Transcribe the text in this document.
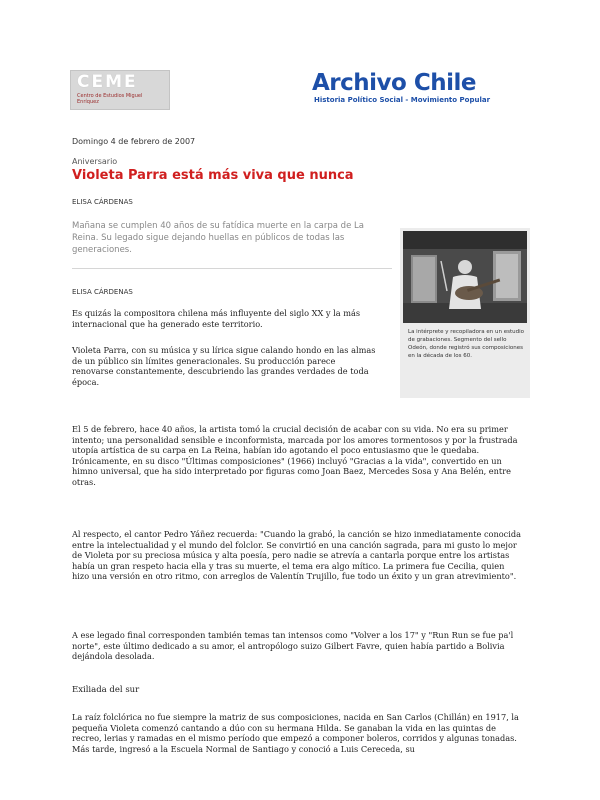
CEME
Centro de Estudios Miguel Enríquez
Archivo Chile
Historia Político Social - Movimiento Popular
Domingo 4 de febrero de 2007
Aniversario
Violeta Parra está más viva que nunca
ELISA CÁRDENAS

Mañana se cumplen 40 años de su fatídica muerte en la carpa de La Reina. Su legado sigue dejando huellas en públicos de todas las generaciones.

ELISA CÁRDENAS
La intérprete y recopiladora en un estudio de grabaciones. Segmento del sello Odeón, donde registró sus composiciones en la década de los 60.

Es quizás la compositora chilena más influyente del siglo XX y la más internacional que ha generado este territorio.

Violeta Parra, con su música y su lírica sigue calando hondo en las almas de un público sin límites generacionales. Su producción parece renovarse constantemente, descubriendo las grandes verdades de toda época.

El 5 de febrero, hace 40 años, la artista tomó la crucial decisión de acabar con su vida. No era su primer intento; una personalidad sensible e inconformista, marcada por los amores tormentosos y por la frustrada utopía artística de su carpa en La Reina, habían ido agotando el poco entusiasmo que le quedaba. Irónicamente, en su disco "Últimas composiciones" (1966) incluyó "Gracias a la vida", convertido en un himno universal, que ha sido interpretado por figuras como Joan Baez, Mercedes Sosa y Ana Belén, entre otras.

Al respecto, el cantor Pedro Yáñez recuerda: "Cuando la grabó, la canción se hizo inmediatamente conocida entre la intelectualidad y el mundo del folclor. Se convirtió en una canción sagrada, para mi gusto lo mejor de Violeta por su preciosa música y alta poesía, pero nadie se atrevía a cantarla porque entre los artistas había un gran respeto hacia ella y tras su muerte, el tema era algo mítico. La primera fue Cecilia, quien hizo una versión en otro ritmo, con arreglos de Valentín Trujillo, fue todo un éxito y un gran atrevimiento".

A ese legado final corresponden también temas tan intensos como "Volver a los 17" y "Run Run se fue pa'l norte", este último dedicado a su amor, el antropólogo suizo Gilbert Favre, quien había partido a Bolivia dejándola desolada.

Exiliada del sur

La raíz folclórica no fue siempre la matriz de sus composiciones, nacida en San Carlos (Chillán) en 1917, la pequeña Violeta comenzó cantando a dúo con su hermana Hilda. Se ganaban la vida en las quintas de recreo, lerias y ramadas en el mismo período que empezó a componer boleros, corridos y algunas tonadas. Más tarde, ingresó a la Escuela Normal de Santiago y conoció a Luis Cereceda, su
